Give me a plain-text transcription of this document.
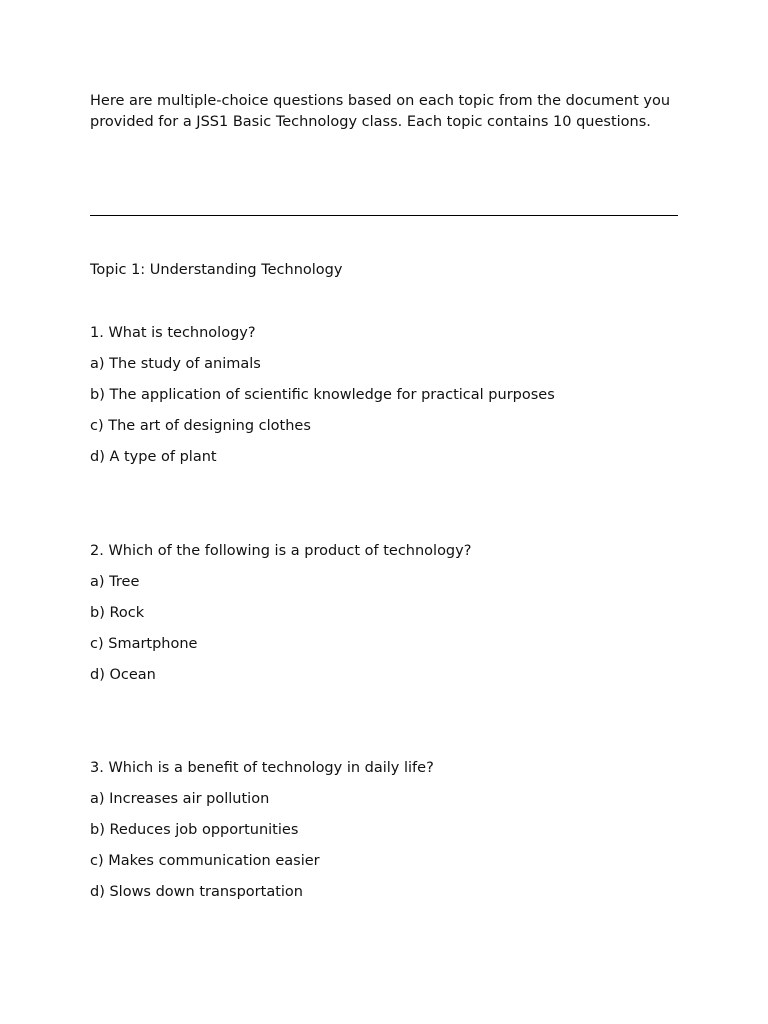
Here are multiple-choice questions based on each topic from the document you provided for a JSS1 Basic Technology class. Each topic contains 10 questions.

Topic 1: Understanding Technology

1. What is technology?
a) The study of animals
b) The application of scientific knowledge for practical purposes
c) The art of designing clothes
d) A type of plant
2. Which of the following is a product of technology?
a) Tree
b) Rock
c) Smartphone
d) Ocean
3. Which is a benefit of technology in daily life?
a) Increases air pollution
b) Reduces job opportunities
c) Makes communication easier
d) Slows down transportation
